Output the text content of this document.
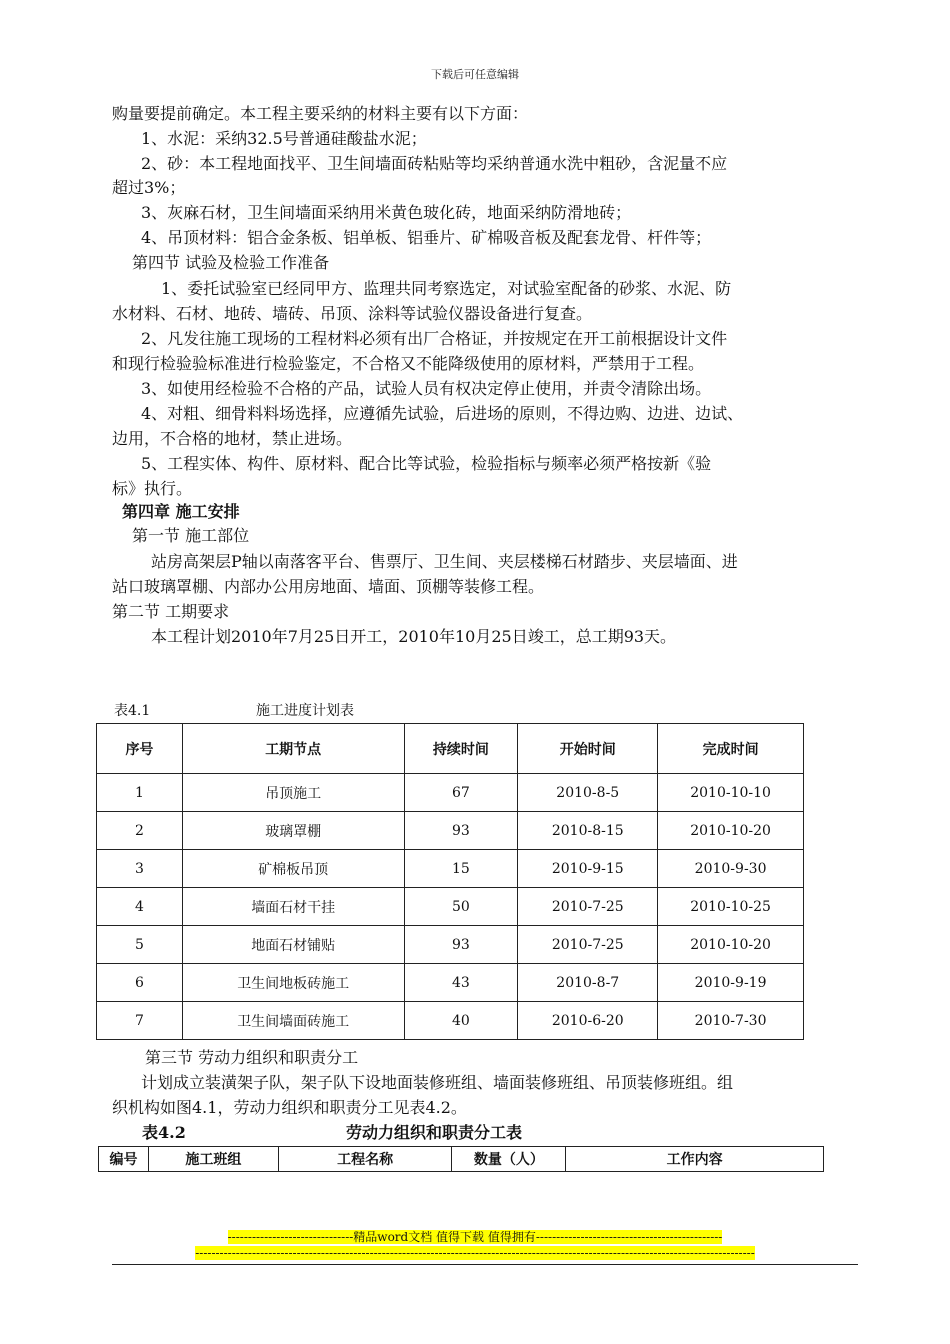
下载后可任意编辑
购量要提前确定。本工程主要采纳的材料主要有以下方面：
1、水泥：采纳32.5号普通硅酸盐水泥；
2、砂：本工程地面找平、卫生间墙面砖粘贴等均采纳普通水洗中粗砂，含泥量不应
超过3%；
3、灰麻石材，卫生间墙面采纳用米黄色玻化砖，地面采纳防滑地砖；
4、吊顶材料：铝合金条板、铝单板、铝垂片、矿棉吸音板及配套龙骨、杆件等；
第四节 试验及检验工作准备
1、委托试验室已经同甲方、监理共同考察选定，对试验室配备的砂浆、水泥、防
水材料、石材、地砖、墙砖、吊顶、涂料等试验仪器设备进行复查。
2、凡发往施工现场的工程材料必须有出厂合格证，并按规定在开工前根据设计文件
和现行检验验标准进行检验鉴定，不合格又不能降级使用的原材料，严禁用于工程。
3、如使用经检验不合格的产品，试验人员有权决定停止使用，并责令清除出场。
4、对粗、细骨料料场选择，应遵循先试验，后进场的原则，不得边购、边进、边试、
边用，不合格的地材，禁止进场。
5、工程实体、构件、原材料、配合比等试验，检验指标与频率必须严格按新《验
标》执行。
第四章 施工安排
第一节 施工部位
站房高架层P轴以南落客平台、售票厅、卫生间、夹层楼梯石材踏步、夹层墙面、进
站口玻璃罩棚、内部办公用房地面、墙面、顶棚等装修工程。
第二节 工期要求
本工程计划2010年7月25日开工，2010年10月25日竣工，总工期93天。
表4.1	施工进度计划表
序号	工期节点	持续时间	开始时间	完成时间
1	吊顶施工	67	2010-8-5	2010-10-10
2	玻璃罩棚	93	2010-8-15	2010-10-20
3	矿棉板吊顶	15	2010-9-15	2010-9-30
4	墙面石材干挂	50	2010-7-25	2010-10-25
5	地面石材铺贴	93	2010-7-25	2010-10-20
6	卫生间地板砖施工	43	2010-8-7	2010-9-19
7	卫生间墙面砖施工	40	2010-6-20	2010-7-30
第三节 劳动力组织和职责分工
计划成立装潢架子队，架子队下设地面装修班组、墙面装修班组、吊顶装修班组。组
织机构如图4.1，劳动力组织和职责分工见表4.2。
表4.2	劳动力组织和职责分工表
编号	施工班组	工程名称	数量（人）	工作内容
-------------------------------精品word文档 值得下载 值得拥有----------------------------------------------
------------------------------------------------------------------------------------------------------------------------------------------
